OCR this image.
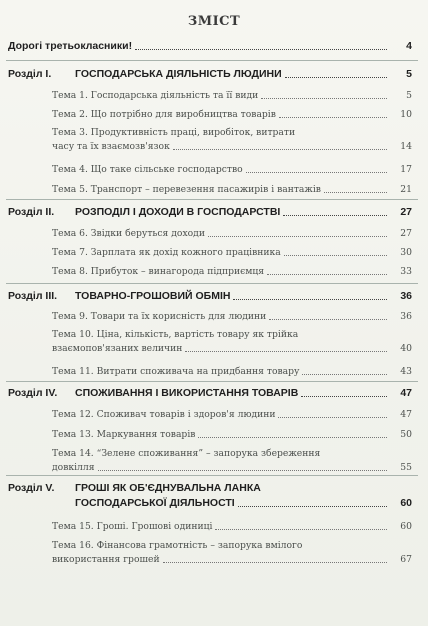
ЗМІСТ
Дорогі третьокласники!	4
Розділ I.	ГОСПОДАРСЬКА ДІЯЛЬНІСТЬ ЛЮДИНИ	5
Тема 1. Господарська діяльність та її види	5
Тема 2. Що потрібно для виробництва товарів	10
Тема 3. Продуктивність праці, виробіток, витрати
часу та їх взаємозв'язок	14
Тема 4. Що таке сільське господарство	17
Тема 5. Транспорт – перевезення пасажирів і вантажів	21
Розділ II.	РОЗПОДІЛ І ДОХОДИ В ГОСПОДАРСТВІ	27
Тема 6. Звідки беруться доходи	27
Тема 7. Зарплата як дохід кожного працівника	30
Тема 8. Прибуток – винагорода підприємця	33
Розділ III.	ТОВАРНО-ГРОШОВИЙ ОБМІН	36
Тема 9. Товари та їх корисність для людини	36
Тема 10. Ціна, кількість, вартість товару як трійка
взаємопов'язаних величин	40
Тема 11. Витрати споживача на придбання товару	43
Розділ IV.	СПОЖИВАННЯ І ВИКОРИСТАННЯ ТОВАРІВ	47
Тема 12. Споживач товарів і здоров'я людини	47
Тема 13. Маркування товарів	50
Тема 14. “Зелене споживання” – запорука збереження
довкілля	55
Розділ V.	ГРОШІ ЯК ОБ'ЄДНУВАЛЬНА ЛАНКА
ГОСПОДАРСЬКОЇ ДІЯЛЬНОСТІ	60
Тема 15. Гроші. Грошові одиниці	60
Тема 16. Фінансова грамотність – запорука вмілого
використання грошей	67
